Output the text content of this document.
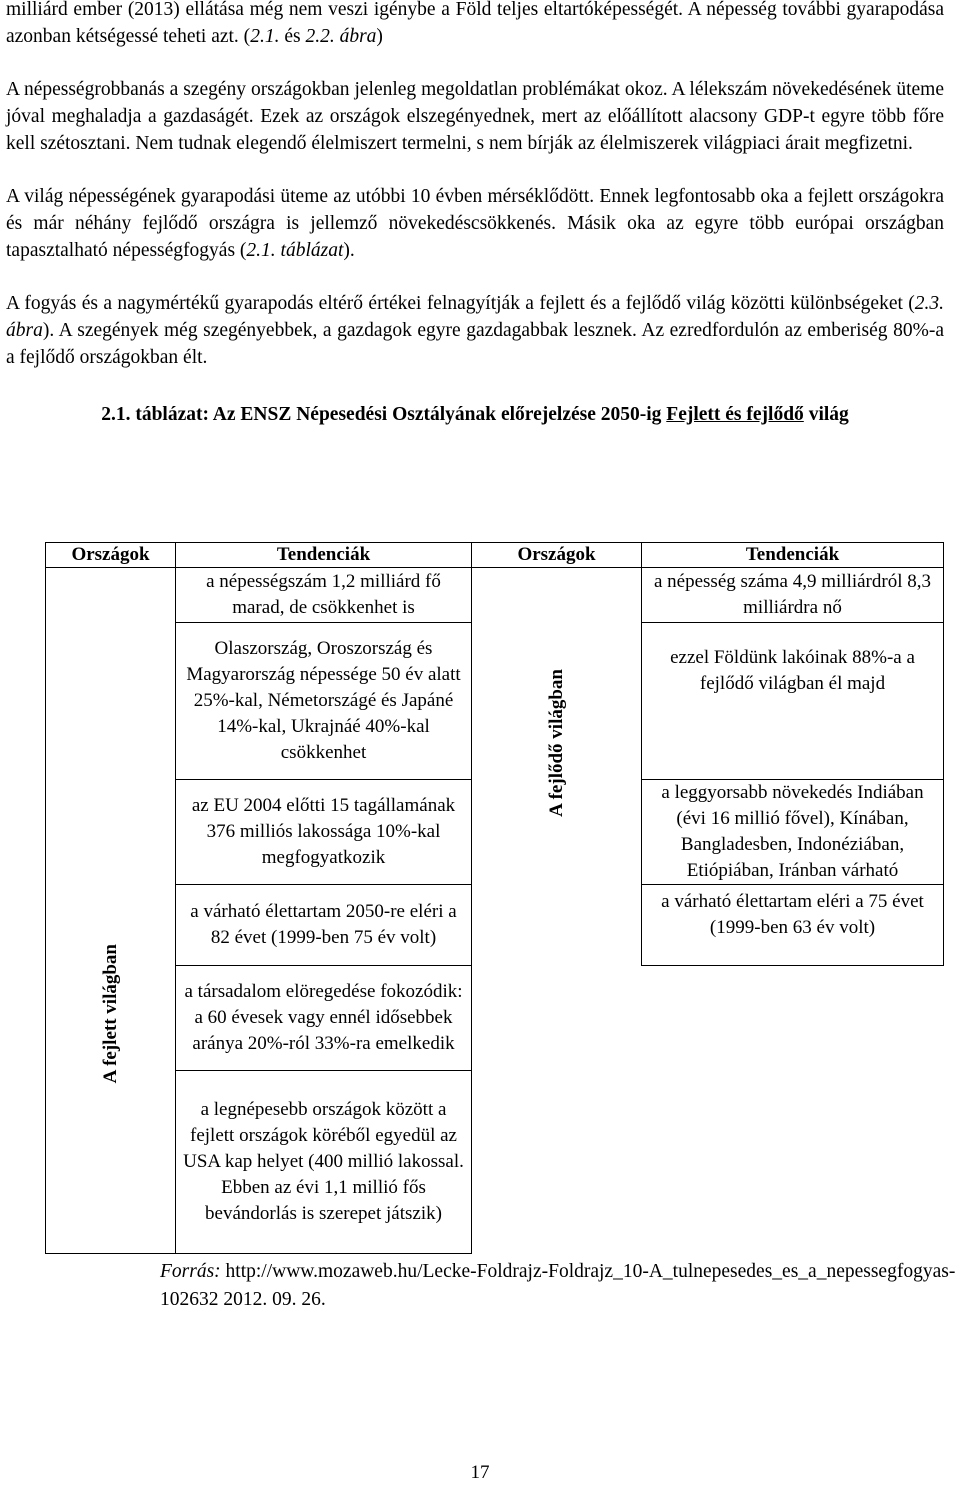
milliárd ember (2013) ellátása még nem veszi igénybe a Föld teljes eltartóképességét. A népesség további gyarapodása azonban kétségessé teheti azt. (2.1. és 2.2. ábra)

A népességrobbanás a szegény országokban jelenleg megoldatlan problémákat okoz. A lélekszám növekedésének üteme jóval meghaladja a gazdaságét. Ezek az országok elszegényednek, mert az előállított alacsony GDP-t egyre több főre kell szétosztani. Nem tudnak elegendő élelmiszert termelni, s nem bírják az élelmiszerek világpiaci árait megfizetni.

A világ népességének gyarapodási üteme az utóbbi 10 évben mérséklődött. Ennek legfontosabb oka a fejlett országokra és már néhány fejlődő országra is jellemző növekedéscsökkenés. Másik oka az egyre több európai országban tapasztalható népességfogyás (2.1. táblázat).

A fogyás és a nagymértékű gyarapodás eltérő értékei felnagyítják a fejlett és a fejlődő világ közötti különbségeket (2.3. ábra). A szegények még szegényebbek, a gazdagok egyre gazdagabbak lesznek. Az ezredfordulón az emberiség 80%-a a fejlődő országokban élt.

2.1. táblázat: Az ENSZ Népesedési Osztályának előrejelzése 2050-ig Fejlett és fejlődő világ
Országok	Tendenciák	Országok	Tendenciák
A fejlett világban	a népességszám 1,2 milliárd fő marad, de csökkenhet is	A fejlődő világban	a népesség száma 4,9 milliárdról 8,3 milliárdra nő
	Olaszország, Oroszország és Magyarország népessége 50 év alatt 25%-kal, Németországé és Japáné 14%-kal, Ukrajnáé 40%-kal csökkenhet		ezzel Földünk lakóinak 88%-a a fejlődő világban él majd
	az EU 2004 előtti 15 tagállamának 376 milliós lakossága 10%-kal megfogyatkozik		a leggyorsabb növekedés Indiában (évi 16 millió fővel), Kínában, Bangladesben, Indonéziában, Etiópiában, Iránban várható
	a várható élettartam 2050-re eléri a 82 évet (1999-ben 75 év volt)		a várható élettartam eléri a 75 évet (1999-ben 63 év volt)
	a társadalom elöregedése fokozódik: a 60 évesek vagy ennél idősebbek aránya 20%-ról 33%-ra emelkedik		
	a legnépesebb országok között a fejlett országok köréből egyedül az USA kap helyet (400 millió lakossal. Ebben az évi 1,1 millió fős bevándorlás is szerepet játszik)		
Forrás: http://www.mozaweb.hu/Lecke-Foldrajz-Foldrajz_10-A_tulnepesedes_es_a_nepessegfogyas-102632 2012. 09. 26.
17
